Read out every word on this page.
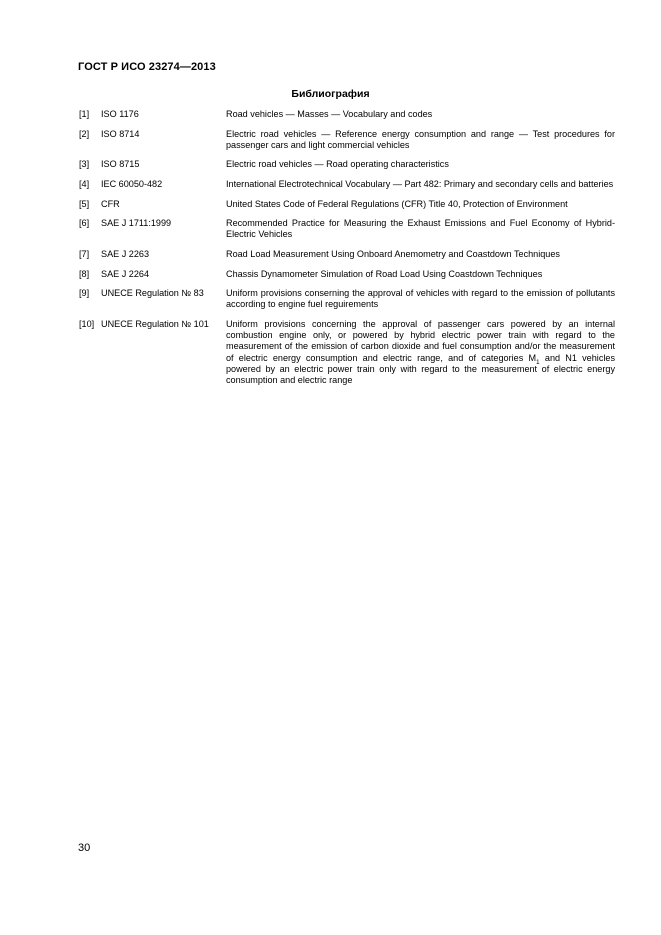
ГОСТ Р ИСО 23274—2013
Библиография
[1]	ISO 1176	Road vehicles — Masses — Vocabulary and codes
[2]	ISO 8714	Electric road vehicles — Reference energy consumption and range — Test procedures for passenger cars and light commercial vehicles
[3]	ISO 8715	Electric road vehicles — Road operating characteristics
[4]	IEC 60050-482	International Electrotechnical Vocabulary — Part 482: Primary and secondary cells and batteries
[5]	CFR	United States Code of Federal Regulations (CFR) Title 40, Protection of Environment
[6]	SAE J 1711:1999	Recommended Practice for Measuring the Exhaust Emissions and Fuel Economy of Hybrid-Electric Vehicles
[7]	SAE J 2263	Road Load Measurement Using Onboard Anemometry and Coastdown Techniques
[8]	SAE J 2264	Chassis Dynamometer Simulation of Road Load Using Coastdown Techniques
[9]	UNECE Regulation № 83	Uniform provisions conserning the approval of vehicles with regard to the emission of pollutants according to engine fuel reguirements
[10] UNECE Regulation № 101	Uniform provisions concerning the approval of passenger cars powered by an internal combustion engine only, or powered by hybrid electric power train with regard to the measurement of the emission of carbon dioxide and fuel consumption and/or the measurement of electric energy consumption and electric range, and of categories $M_1$ and N1 vehicles powered by an electric power train only with regard to the measurement of electric energy consumption and electric range
30
